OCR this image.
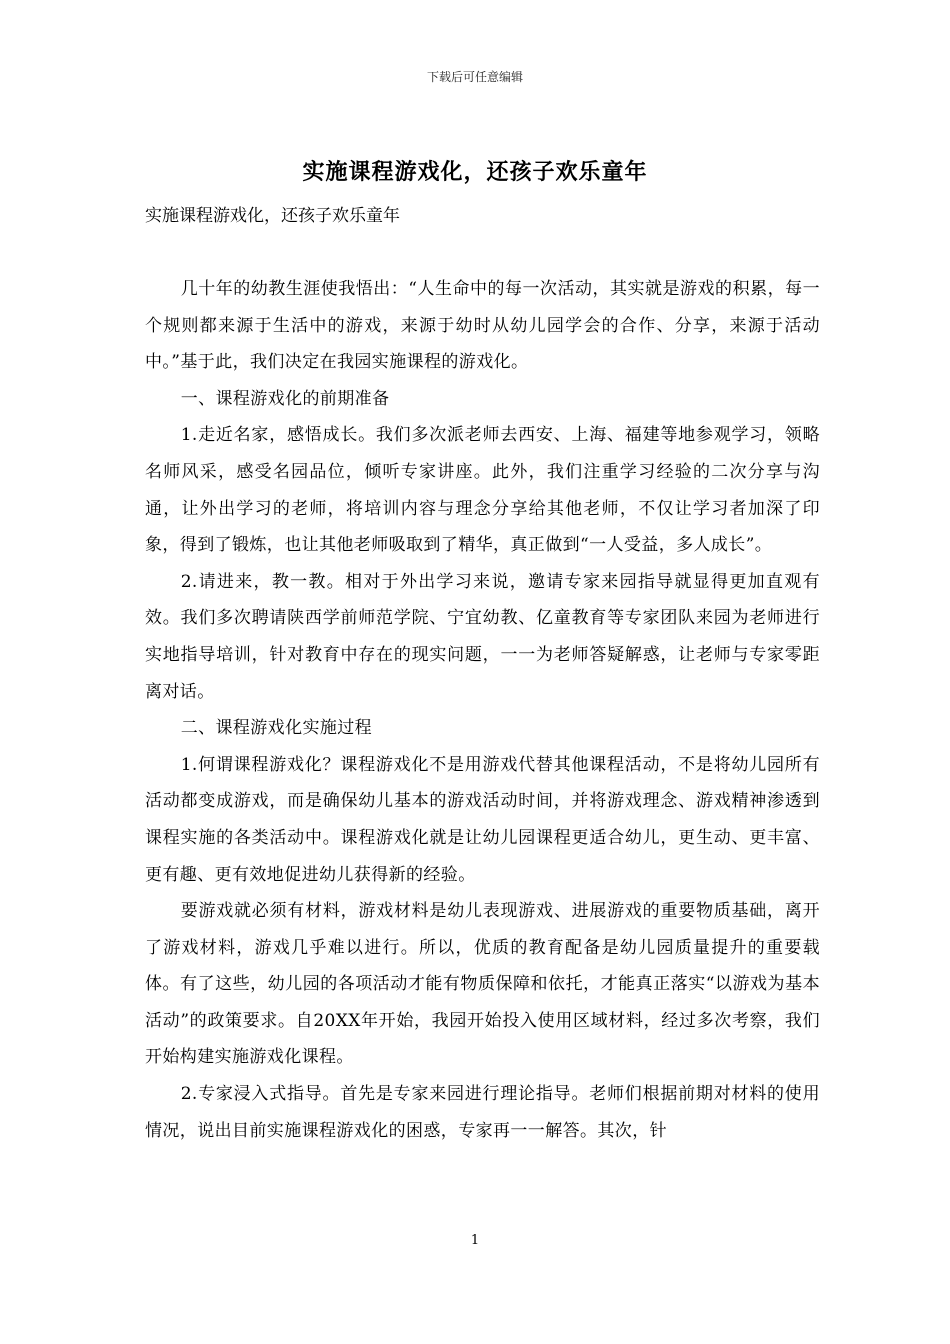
下载后可任意编辑
实施课程游戏化，还孩子欢乐童年
实施课程游戏化，还孩子欢乐童年

几十年的幼教生涯使我悟出：“人生命中的每一次活动，其实就是游戏的积累，每一个规则都来源于生活中的游戏，来源于幼时从幼儿园学会的合作、分享，来源于活动中。”基于此，我们决定在我园实施课程的游戏化。

一、课程游戏化的前期准备

1.走近名家，感悟成长。我们多次派老师去西安、上海、福建等地参观学习，领略名师风采，感受名园品位，倾听专家讲座。此外，我们注重学习经验的二次分享与沟通，让外出学习的老师，将培训内容与理念分享给其他老师，不仅让学习者加深了印象，得到了锻炼，也让其他老师吸取到了精华，真正做到“一人受益，多人成长”。

2.请进来，教一教。相对于外出学习来说，邀请专家来园指导就显得更加直观有效。我们多次聘请陕西学前师范学院、宁宜幼教、亿童教育等专家团队来园为老师进行实地指导培训，针对教育中存在的现实问题，一一为老师答疑解惑，让老师与专家零距离对话。

二、课程游戏化实施过程

1.何谓课程游戏化？课程游戏化不是用游戏代替其他课程活动，不是将幼儿园所有活动都变成游戏，而是确保幼儿基本的游戏活动时间，并将游戏理念、游戏精神渗透到课程实施的各类活动中。课程游戏化就是让幼儿园课程更适合幼儿，更生动、更丰富、更有趣、更有效地促进幼儿获得新的经验。

要游戏就必须有材料，游戏材料是幼儿表现游戏、进展游戏的重要物质基础，离开了游戏材料，游戏几乎难以进行。所以，优质的教育配备是幼儿园质量提升的重要载体。有了这些，幼儿园的各项活动才能有物质保障和依托，才能真正落实“以游戏为基本活动”的政策要求。自20XX年开始，我园开始投入使用区域材料，经过多次考察，我们开始构建实施游戏化课程。

2.专家浸入式指导。首先是专家来园进行理论指导。老师们根据前期对材料的使用情况，说出目前实施课程游戏化的困惑，专家再一一解答。其次，针

1
